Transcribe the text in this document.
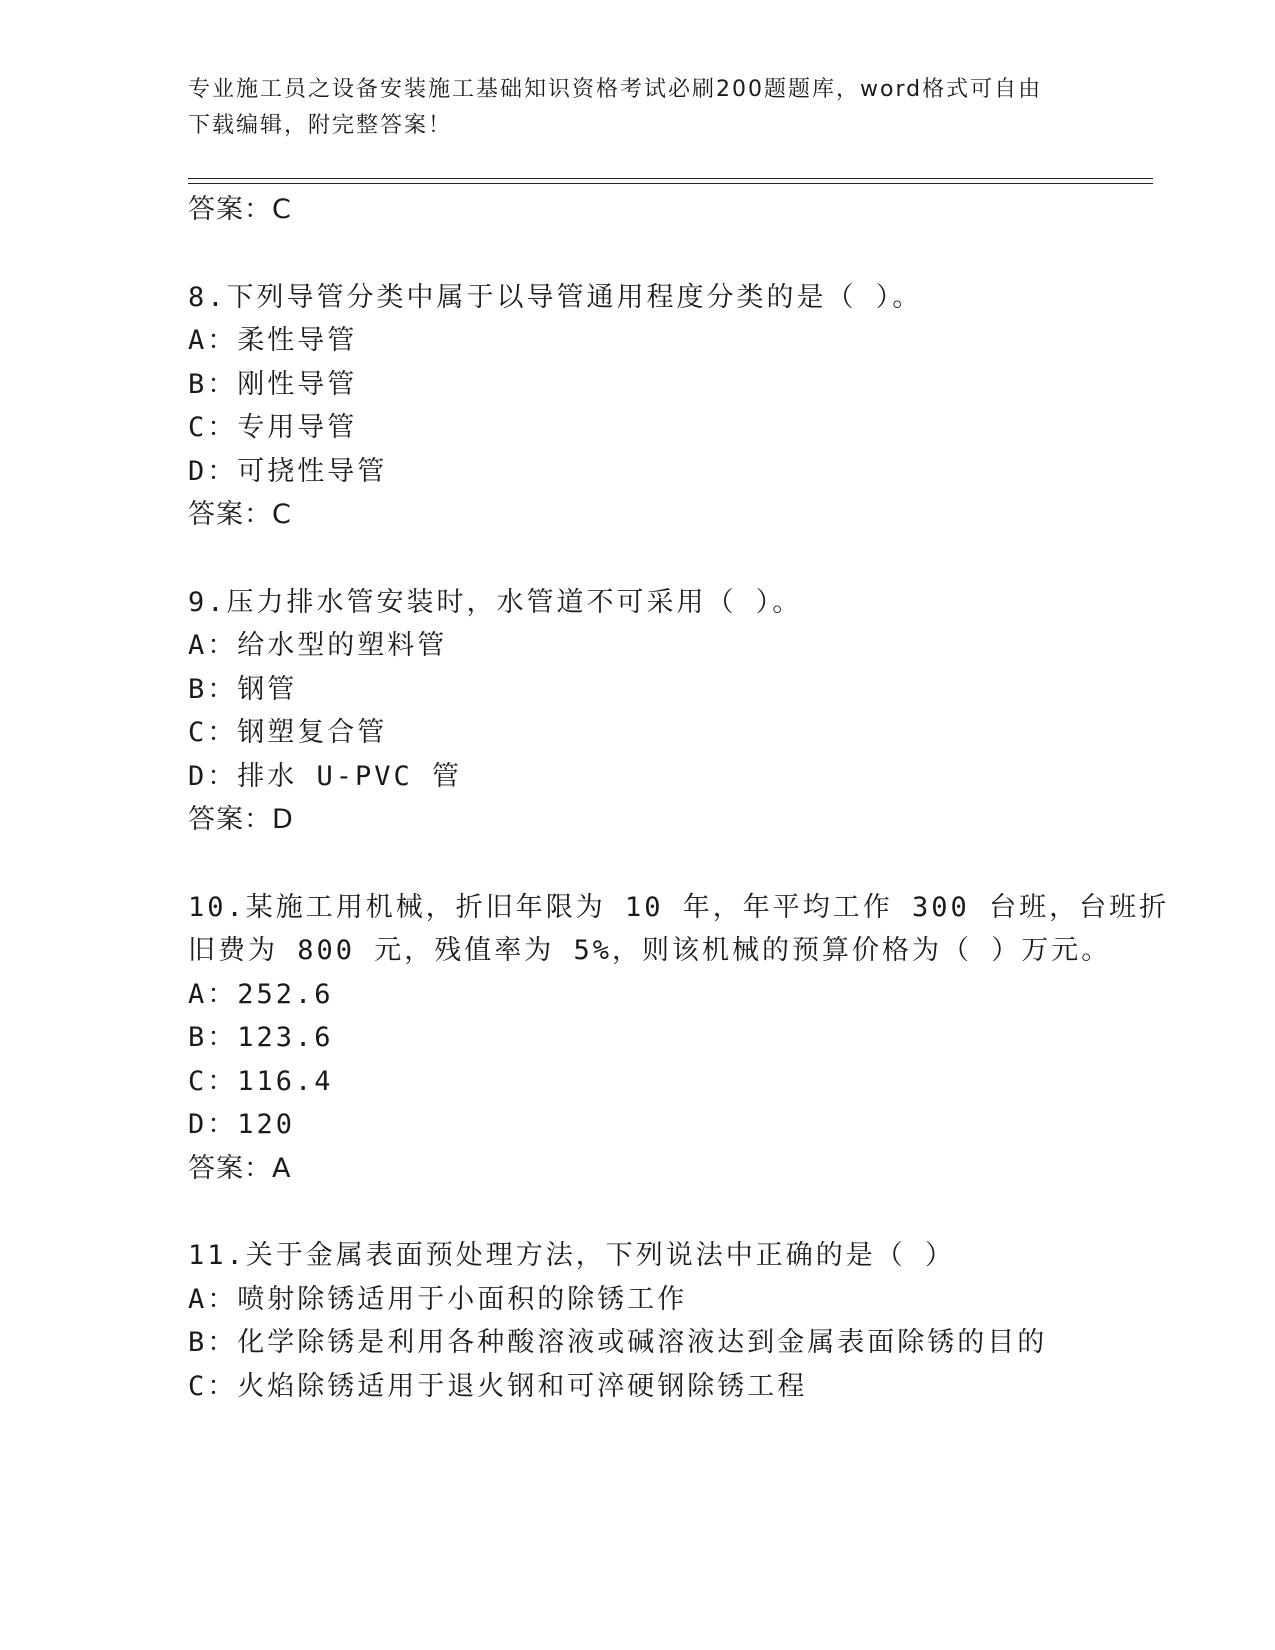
专业施工员之设备安装施工基础知识资格考试必刷200题题库，word格式可自由
下载编辑，附完整答案！
答案：C
8.下列导管分类中属于以导管通用程度分类的是（ ）。
A：柔性导管
B：刚性导管
C：专用导管
D：可挠性导管
答案：C
9.压力排水管安装时，水管道不可采用（ ）。
A：给水型的塑料管
B：钢管
C：钢塑复合管
D：排水 U-PVC 管
答案：D
10.某施工用机械，折旧年限为 10 年，年平均工作 300 台班，台班折
旧费为 800 元，残值率为 5%，则该机械的预算价格为（ ）万元。
A：252.6
B：123.6
C：116.4
D：120
答案：A
11.关于金属表面预处理方法，下列说法中正确的是（ ）
A：喷射除锈适用于小面积的除锈工作
B：化学除锈是利用各种酸溶液或碱溶液达到金属表面除锈的目的
C：火焰除锈适用于退火钢和可淬硬钢除锈工程
